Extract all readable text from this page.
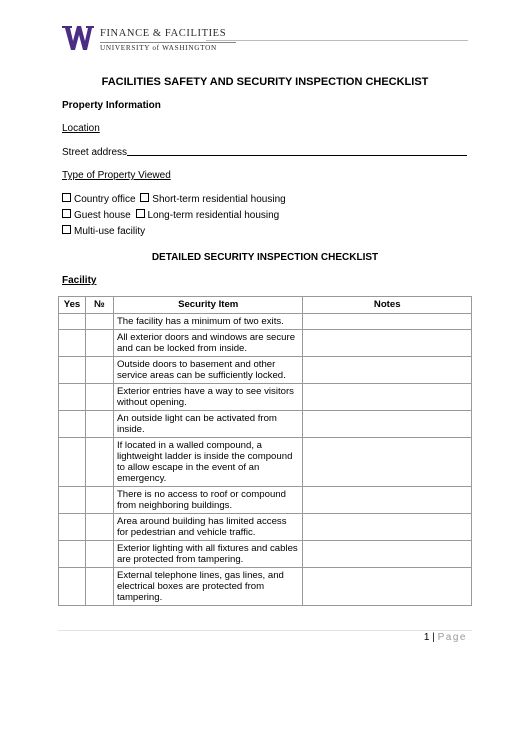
FINANCE & FACILITIES
UNIVERSITY of WASHINGTON
FACILITIES SAFETY AND SECURITY INSPECTION CHECKLIST
Property Information
Location
Street address
Type of Property Viewed
Country office Short-term residential housing
Guest house Long-term residential housing
Multi-use facility
DETAILED SECURITY INSPECTION CHECKLIST
Facility
Yes	№	Security Item	Notes
		The facility has a minimum of two exits.	
		All exterior doors and windows are secure and can be locked from inside.	
		Outside doors to basement and other service areas can be sufficiently locked.	
		Exterior entries have a way to see visitors without opening.	
		An outside light can be activated from inside.	
		If located in a walled compound, a lightweight ladder is inside the compound to allow escape in the event of an emergency.	
		There is no access to roof or compound from neighboring buildings.	
		Area around building has limited access for pedestrian and vehicle traffic.	
		Exterior lighting with all fixtures and cables are protected from tampering.	
		External telephone lines, gas lines, and electrical boxes are protected from tampering.	
1 | Page
